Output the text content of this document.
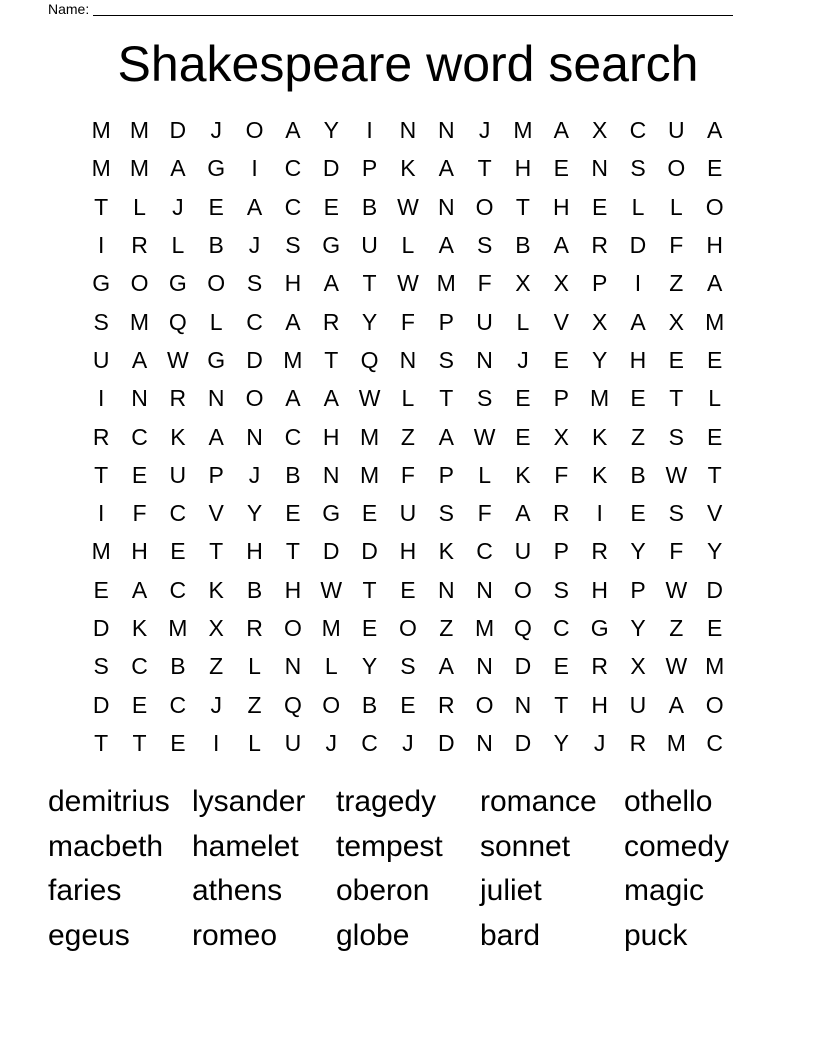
Name:
Shakespeare word search
M M D	J	O A	Y	I	N N	J	M A	X C U A
M M A G	I	C D P	K	A	T	H E N S O E
T	L	J	E	A C E	B W N O T	H E	L	L	O
I	R	L	B	J	S G U	L	A	S	B	A R D	F	H
G O G O S H A	T W M F	X	X	P	I	Z	A
S M Q	L	C A R Y	F	P U	L	V	X	A	X M
U A W G D M T Q N S N	J	E	Y H E	E
I	N R N O A	A W L	T	S	E	P M E	T	L
R C K	A N C H M Z	A W E	X	K	Z	S	E
T	E U P	J	B N M F	P	L	K	F	K	B W T
I	F	C V	Y	E G E U S	F	A R	I	E	S	V
M H E	T	H	T	D D H K C U P R Y	F	Y
E	A C K	B H W T	E N N O S H P W D
D K M X R O M E O Z M Q C G Y	Z	E
S C B	Z	L	N	L	Y	S	A N D E R X W M
D E C	J	Z Q O B	E R O N	T	H U A O
T	T	E	I	L	U	J	C	J	D N D Y	J	R M C
demitrius lysander	tragedy	romance othello
macbeth hamelet	tempest	sonnet	comedy
faries	athens	oberon	juliet	magic
egeus	romeo	globe	bard	puck
